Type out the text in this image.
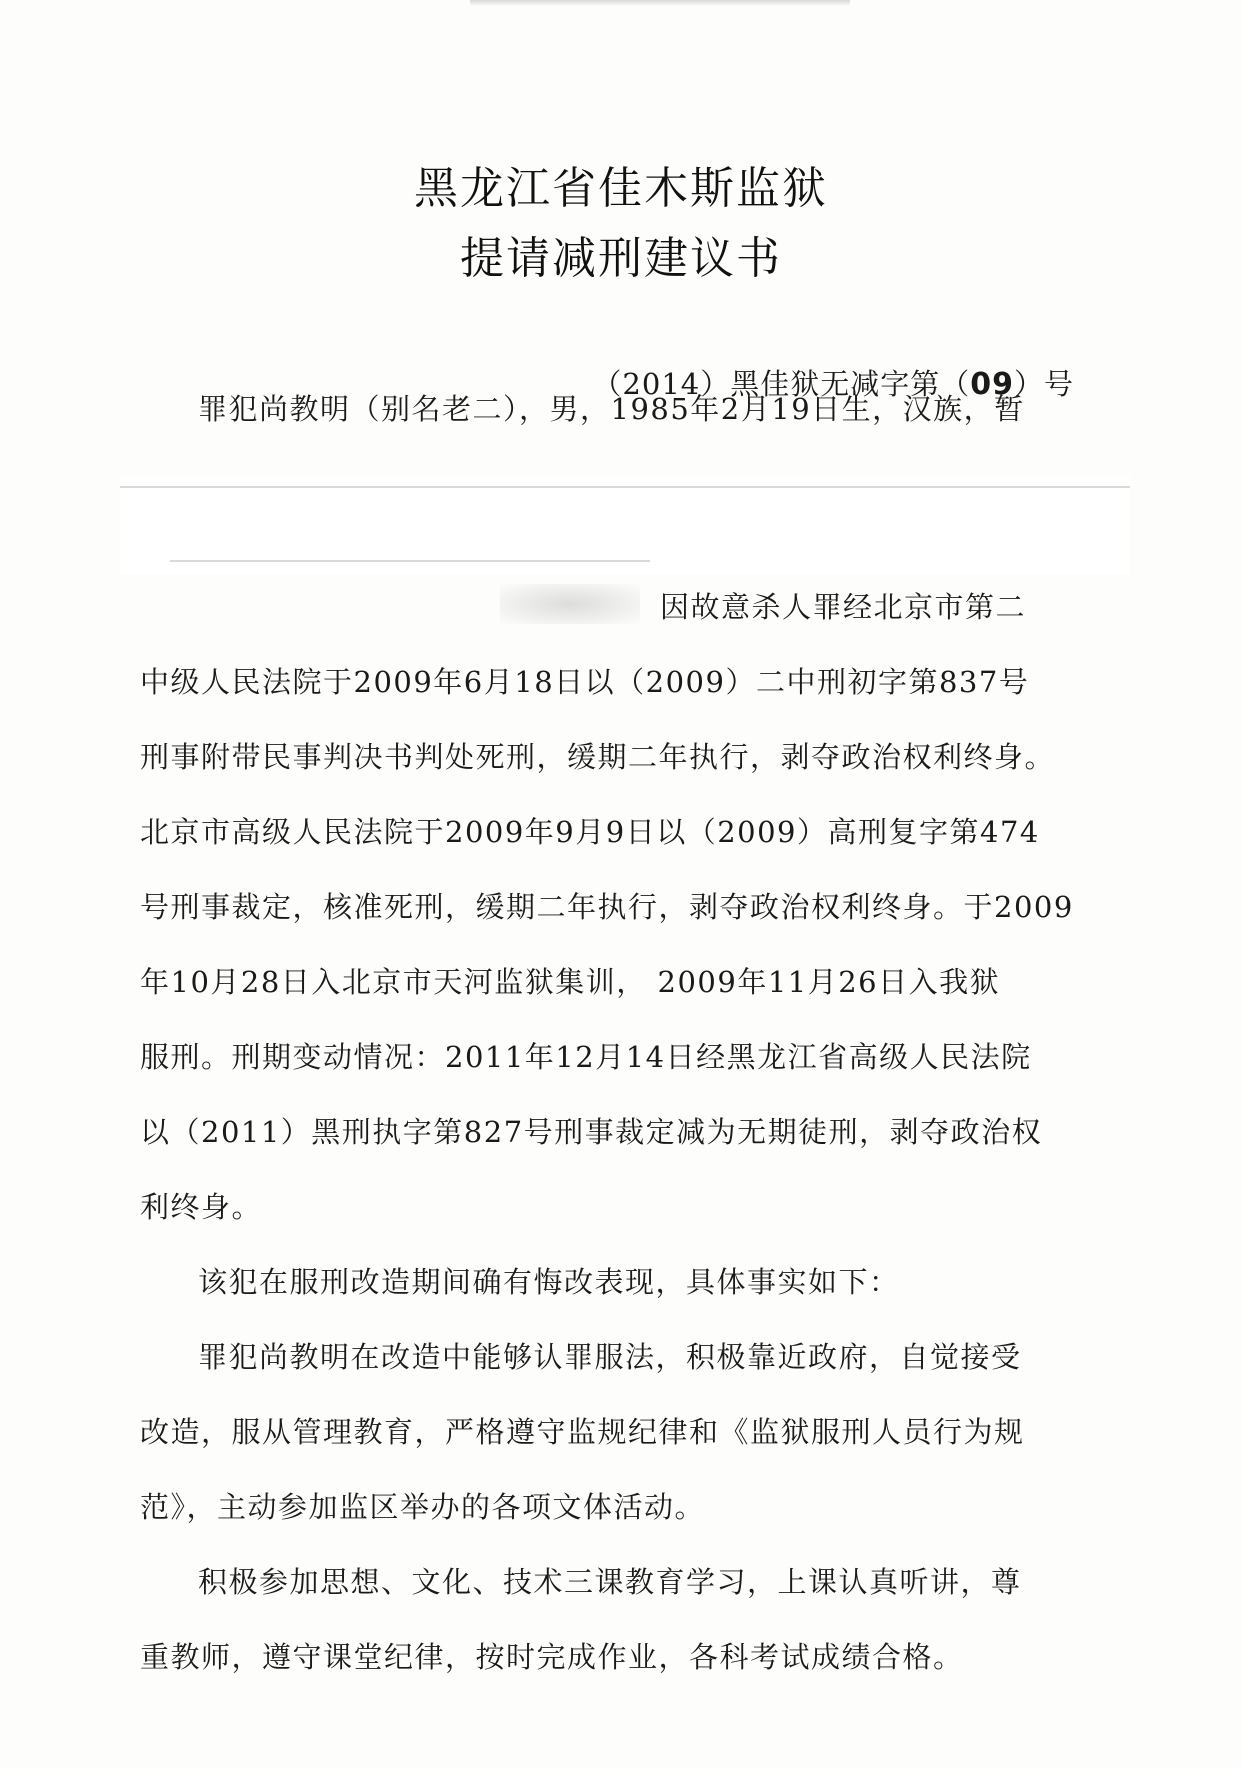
黑龙江省佳木斯监狱
提请减刑建议书
（2014）黑佳狱无减字第（09）号

罪犯尚教明（别名老二），男，1985年2月19日生，汉族，暂

因故意杀人罪经北京市第二

中级人民法院于2009年6月18日以（2009）二中刑初字第837号

刑事附带民事判决书判处死刑，缓期二年执行，剥夺政治权利终身。

北京市高级人民法院于2009年9月9日以（2009）高刑复字第474

号刑事裁定，核准死刑，缓期二年执行，剥夺政治权利终身。于2009

年10月28日入北京市天河监狱集训， 2009年11月26日入我狱

服刑。刑期变动情况：2011年12月14日经黑龙江省高级人民法院

以（2011）黑刑执字第827号刑事裁定减为无期徒刑，剥夺政治权

利终身。

该犯在服刑改造期间确有悔改表现，具体事实如下：

罪犯尚教明在改造中能够认罪服法，积极靠近政府，自觉接受

改造，服从管理教育，严格遵守监规纪律和《监狱服刑人员行为规

范》，主动参加监区举办的各项文体活动。

积极参加思想、文化、技术三课教育学习，上课认真听讲，尊

重教师，遵守课堂纪律，按时完成作业，各科考试成绩合格。
